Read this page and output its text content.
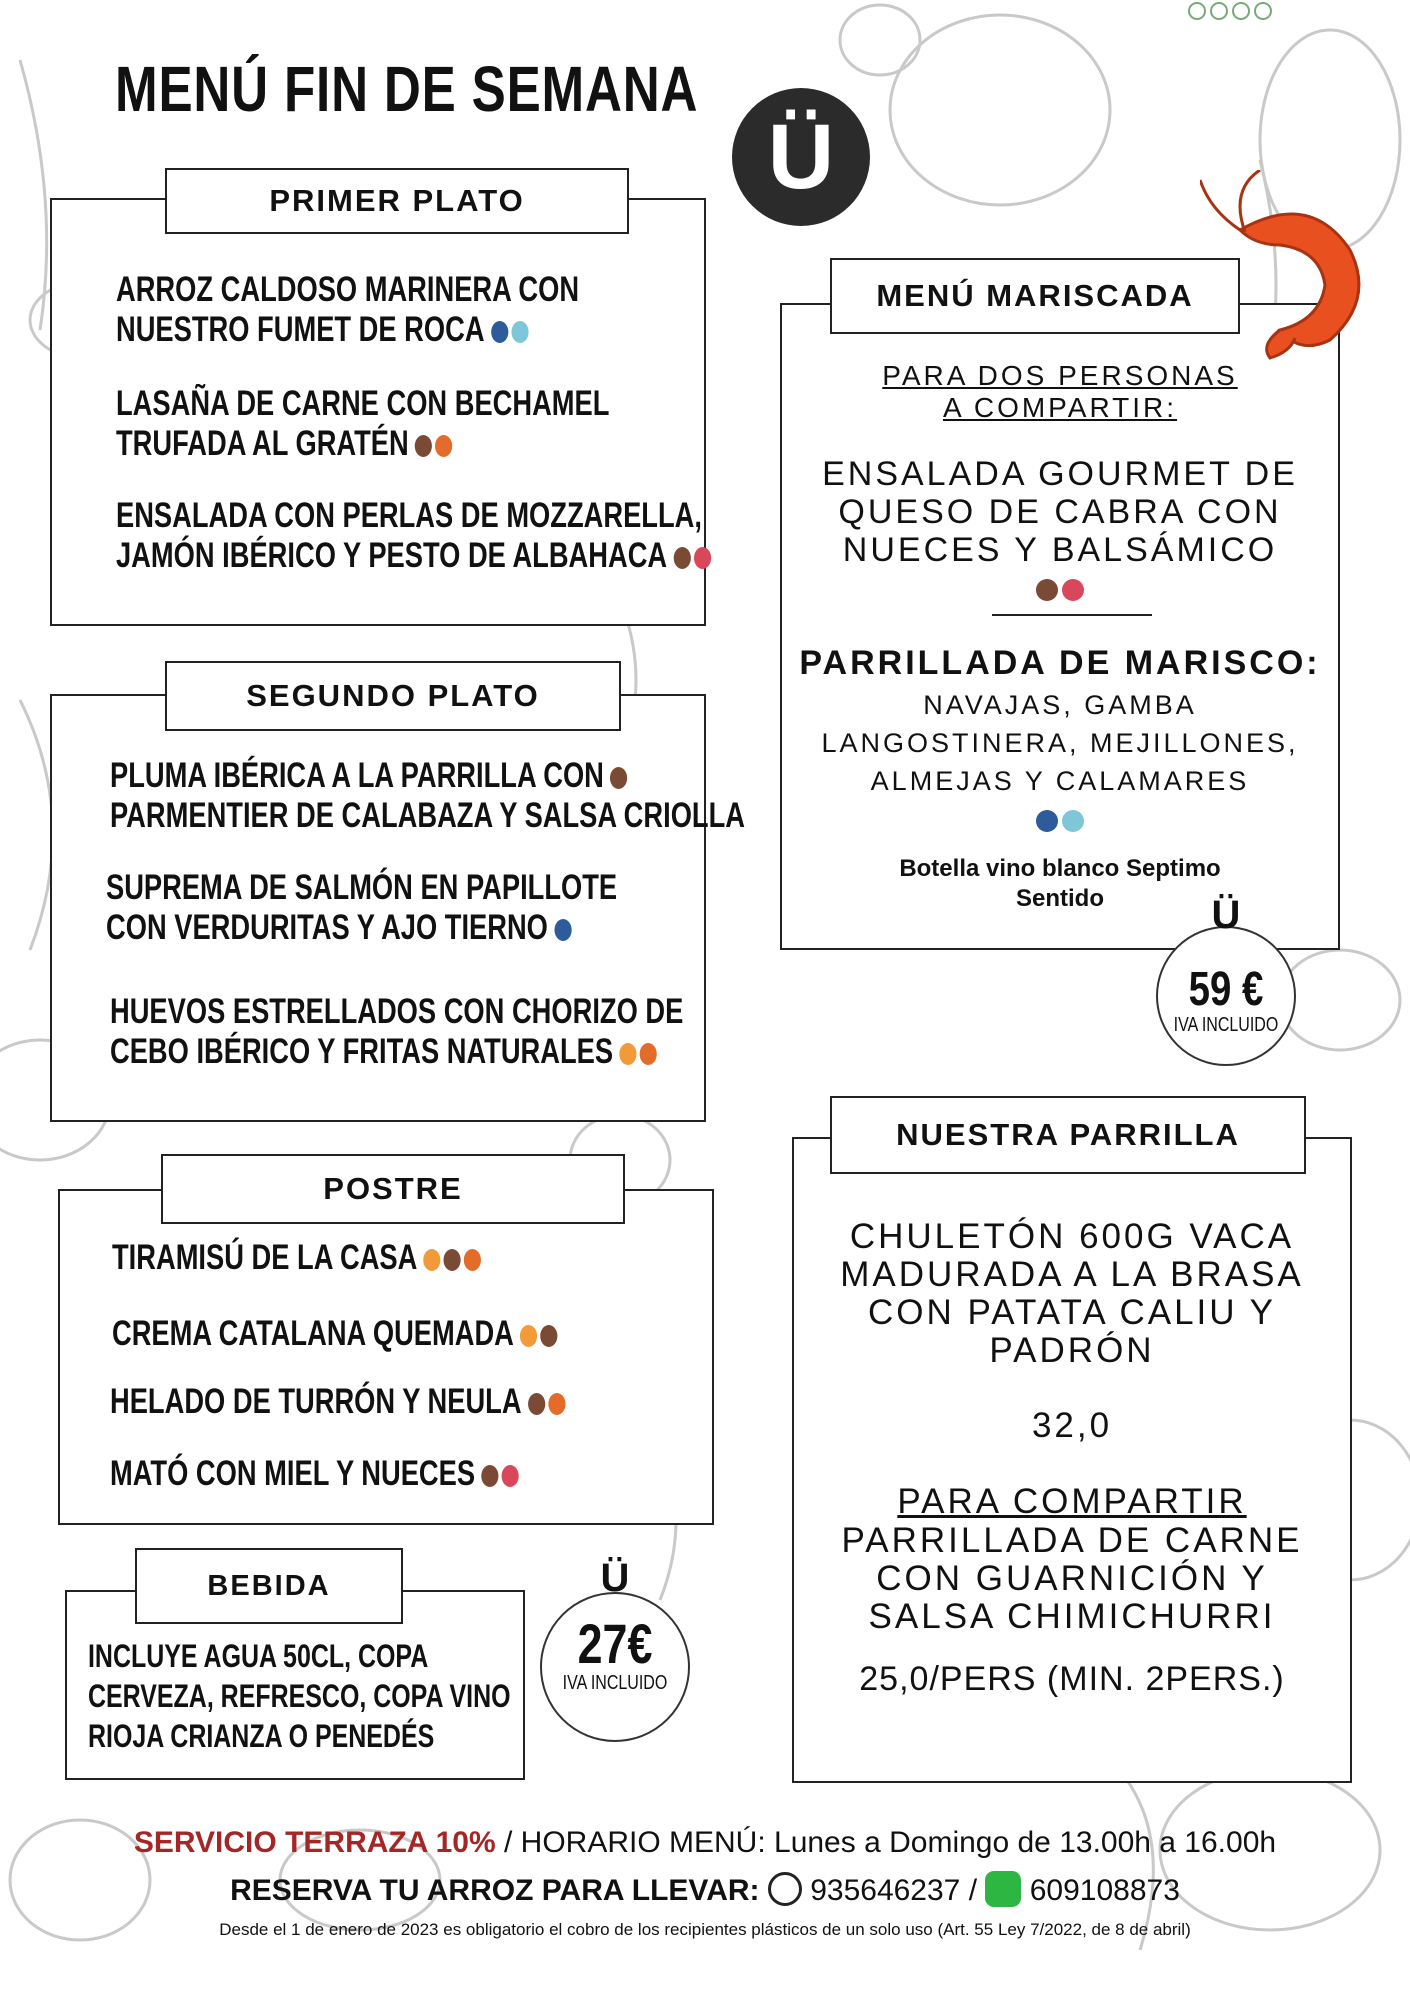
MENÚ FIN DE SEMANA
Ü
PRIMER PLATO
ARROZ CALDOSO MARINERA CON
NUESTRO FUMET DE ROCA
LASAÑA DE CARNE CON BECHAMEL
TRUFADA AL GRATÉN
ENSALADA CON PERLAS DE MOZZARELLA,
JAMÓN IBÉRICO Y PESTO DE ALBAHACA
SEGUNDO PLATO
PLUMA IBÉRICA A LA PARRILLA CON
PARMENTIER DE CALABAZA Y SALSA CRIOLLA
SUPREMA DE SALMÓN EN PAPILLOTE
CON VERDURITAS Y AJO TIERNO
HUEVOS ESTRELLADOS CON CHORIZO DE
CEBO IBÉRICO Y FRITAS NATURALES
POSTRE
TIRAMISÚ DE LA CASA
CREMA CATALANA QUEMADA
HELADO DE TURRÓN Y NEULA
MATÓ CON MIEL Y NUECES
BEBIDA
INCLUYE AGUA 50CL, COPA
CERVEZA, REFRESCO, COPA VINO
RIOJA CRIANZA O PENEDÉS
27€
IVA INCLUIDO
Ü
MENÚ MARISCADA
PARA DOS PERSONAS
A COMPARTIR:
ENSALADA GOURMET DE
QUESO DE CABRA CON
NUECES Y BALSÁMICO
PARRILLADA DE MARISCO:
NAVAJAS, GAMBA
LANGOSTINERA, MEJILLONES,
ALMEJAS Y CALAMARES
Botella vino blanco Septimo
Sentido
59 €
IVA INCLUIDO
Ü
NUESTRA PARRILLA
CHULETÓN 600G VACA
MADURADA A LA BRASA
CON PATATA CALIU Y
PADRÓN
32,0
PARA COMPARTIR
PARRILLADA DE CARNE
CON GUARNICIÓN Y
SALSA CHIMICHURRI
25,0/PERS (MIN. 2PERS.)
SERVICIO TERRAZA 10% / HORARIO MENÚ: Lunes a Domingo de 13.00h a 16.00h
RESERVA TU ARROZ PARA LLEVAR: 935646237 / 609108873
Desde el 1 de enero de 2023 es obligatorio el cobro de los recipientes plásticos de un solo uso (Art. 55 Ley 7/2022, de 8 de abril)
